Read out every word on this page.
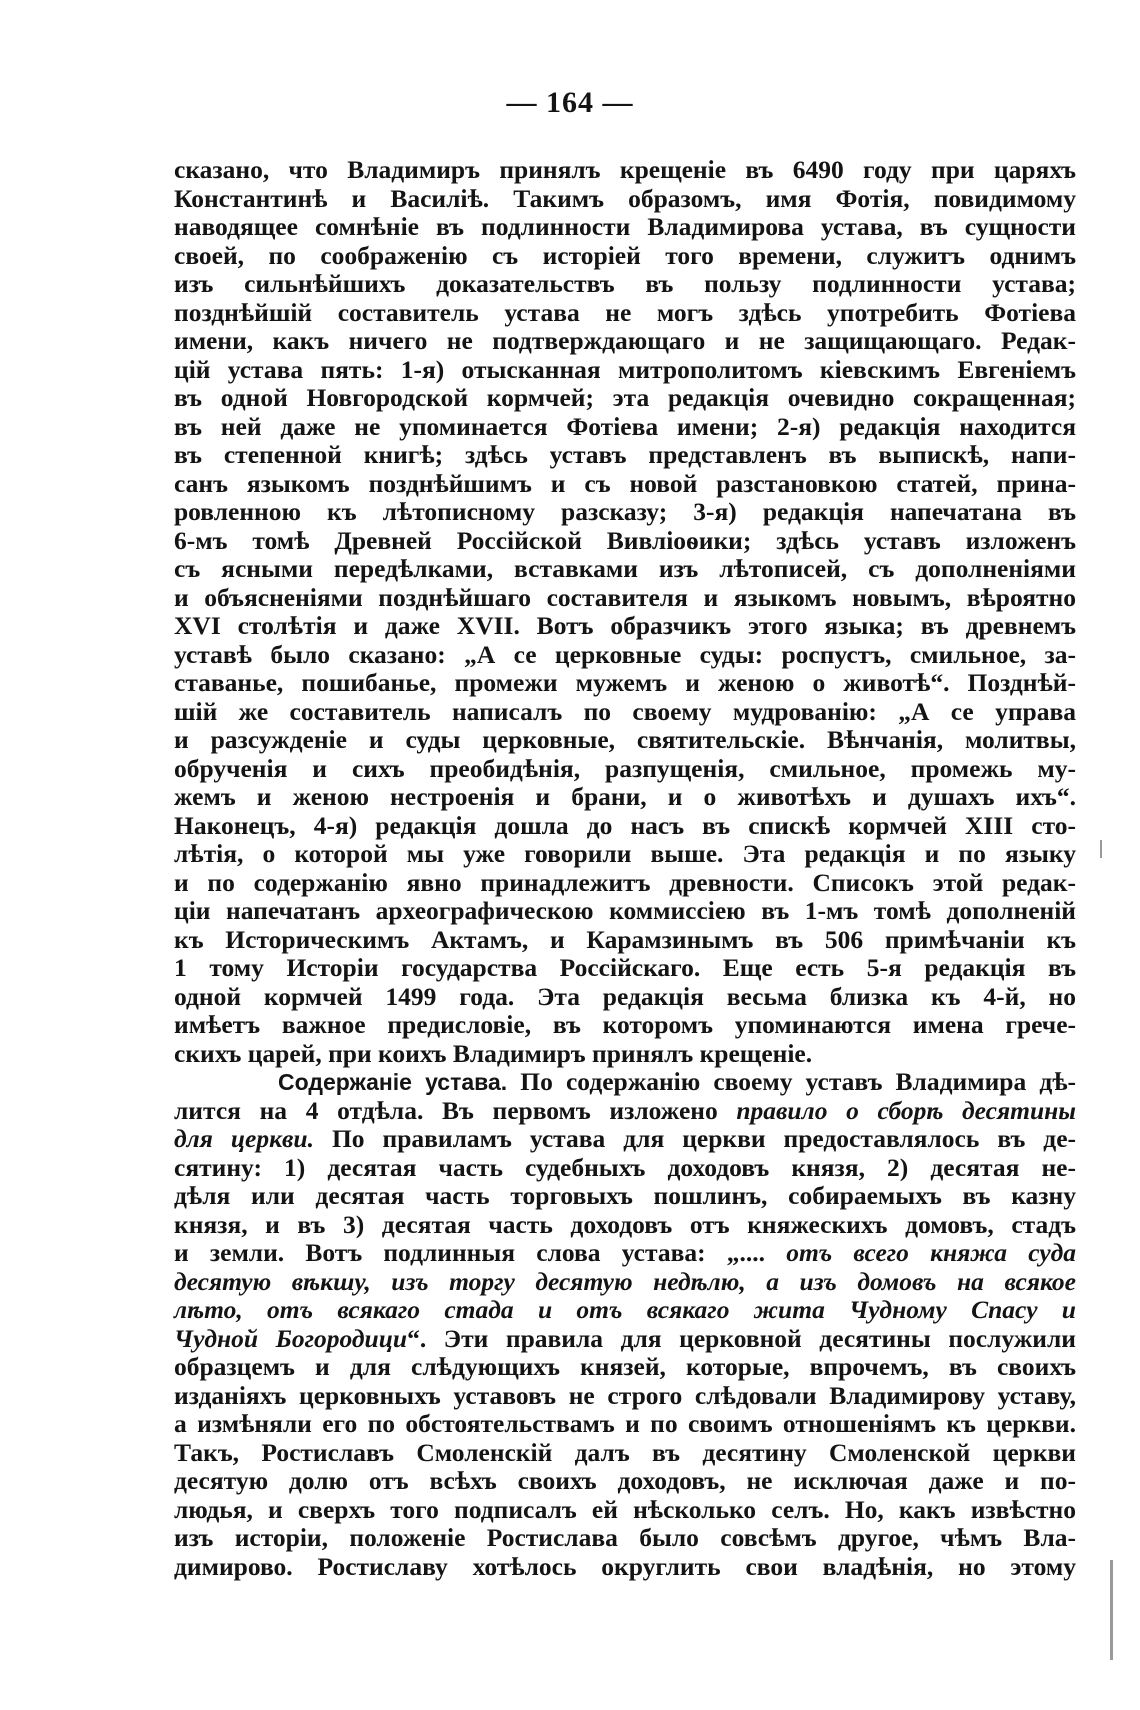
— 164 —
сказано, что Владимиръ принялъ крещеніе въ 6490 году при царяхъ
Константинѣ и Василіѣ. Такимъ образомъ, имя Фотія, повидимому
наводящее сомнѣніе въ подлинности Владимирова устава, въ сущности
своей, по соображенію съ исторіей того времени, служитъ однимъ
изъ сильнѣйшихъ доказательствъ въ пользу подлинности устава;
позднѣйшій составитель устава не могъ здѣсь употребить Фотіева
имени, какъ ничего не подтверждающаго и не защищающаго. Редак-
цій устава пять: 1-я) отысканная митрополитомъ кіевскимъ Евгеніемъ
въ одной Новгородской кормчей; эта редакція очевидно сокращенная;
въ ней даже не упоминается Фотіева имени; 2-я) редакція находится
въ степенной книгѣ; здѣсь уставъ представленъ въ выпискѣ, напи-
санъ языкомъ позднѣйшимъ и съ новой разстановкою статей, прина-
ровленною къ лѣтописному разсказу; 3-я) редакція напечатана въ
6-мъ томѣ Древней Россійской Вивліоѳики; здѣсь уставъ изложенъ
съ ясными передѣлками, вставками изъ лѣтописей, съ дополненіями
и объясненіями позднѣйшаго составителя и языкомъ новымъ, вѣроятно
XVI столѣтія и даже XVII. Вотъ образчикъ этого языка; въ древнемъ
уставѣ было сказано: „А се церковные суды: роспустъ, смильное, за-
ставанье, пошибанье, промежи мужемъ и женою о животѣ“. Позднѣй-
шій же составитель написалъ по своему мудрованію: „А се управа
и разсужденіе и суды церковные, святительскіе. Вѣнчанія, молитвы,
обрученія и сихъ преобидѣнія, разпущенія, смильное, промежь му-
жемъ и женою нестроенія и брани, и о животѣхъ и душахъ ихъ“.
Наконецъ, 4-я) редакція дошла до насъ въ спискѣ кормчей XIII сто-
лѣтія, о которой мы уже говорили выше. Эта редакція и по языку
и по содержанію явно принадлежитъ древности. Списокъ этой редак-
ціи напечатанъ археографическою коммиссіею въ 1-мъ томѣ дополненій
къ Историческимъ Актамъ, и Карамзинымъ въ 506 примѣчаніи къ
1 тому Исторіи государства Россійскаго. Еще есть 5-я редакція въ
одной кормчей 1499 года. Эта редакція весьма близка къ 4-й, но
имѣетъ важное предисловіе, въ которомъ упоминаются имена грече-
скихъ царей, при коихъ Владимиръ принялъ крещеніе.
Содержаніе устава. По содержанію своему уставъ Владимира дѣ-
лится на 4 отдѣла. Въ первомъ изложено правило о сборѣ десятины
для церкви. По правиламъ устава для церкви предоставлялось въ де-
сятину: 1) десятая часть судебныхъ доходовъ князя, 2) десятая не-
дѣля или десятая часть торговыхъ пошлинъ, собираемыхъ въ казну
князя, и въ 3) десятая часть доходовъ отъ княжескихъ домовъ, стадъ
и земли. Вотъ подлинныя слова устава: „.... отъ всего княжа суда
десятую вѣкшу, изъ торгу десятую недѣлю, а изъ домовъ на всякое
лѣто, отъ всякаго стада и отъ всякаго жита Чудному Спасу и
Чудной Богородици“. Эти правила для церковной десятины послужили
образцемъ и для слѣдующихъ князей, которые, впрочемъ, въ своихъ
изданіяхъ церковныхъ уставовъ не строго слѣдовали Владимирову уставу,
а измѣняли его по обстоятельствамъ и по своимъ отношеніямъ къ церкви.
Такъ, Ростиславъ Смоленскій далъ въ десятину Смоленской церкви
десятую долю отъ всѣхъ своихъ доходовъ, не исключая даже и по-
людья, и сверхъ того подписалъ ей нѣсколько селъ. Но, какъ извѣстно
изъ исторіи, положеніе Ростислава было совсѣмъ другое, чѣмъ Вла-
димирово. Ростиславу хотѣлось округлить свои владѣнія, но этому
